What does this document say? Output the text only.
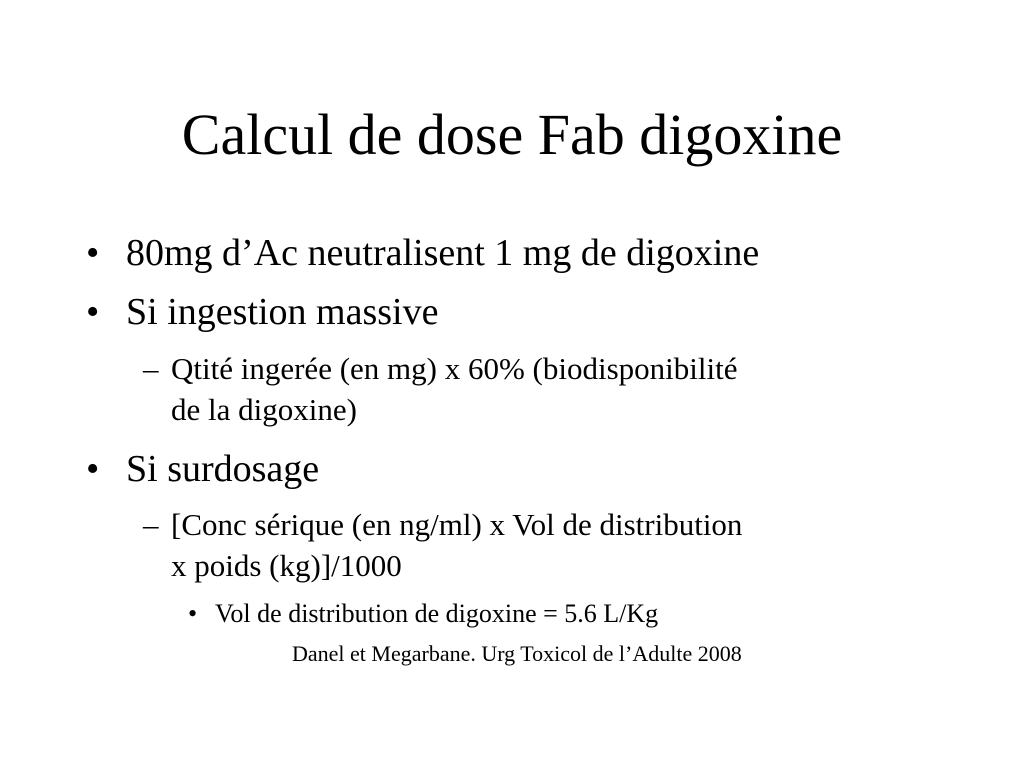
Calcul de dose Fab digoxine
• 80mg d’Ac neutralisent 1 mg de digoxine
• Si ingestion massive
– Qtité ingerée (en mg) x 60% (biodisponibilité
de la digoxine)
• Si surdosage
– [Conc sérique (en ng/ml) x Vol de distribution
x poids (kg)]/1000
• Vol de distribution de digoxine = 5.6 L/Kg
Danel et Megarbane. Urg Toxicol de l’Adulte 2008
